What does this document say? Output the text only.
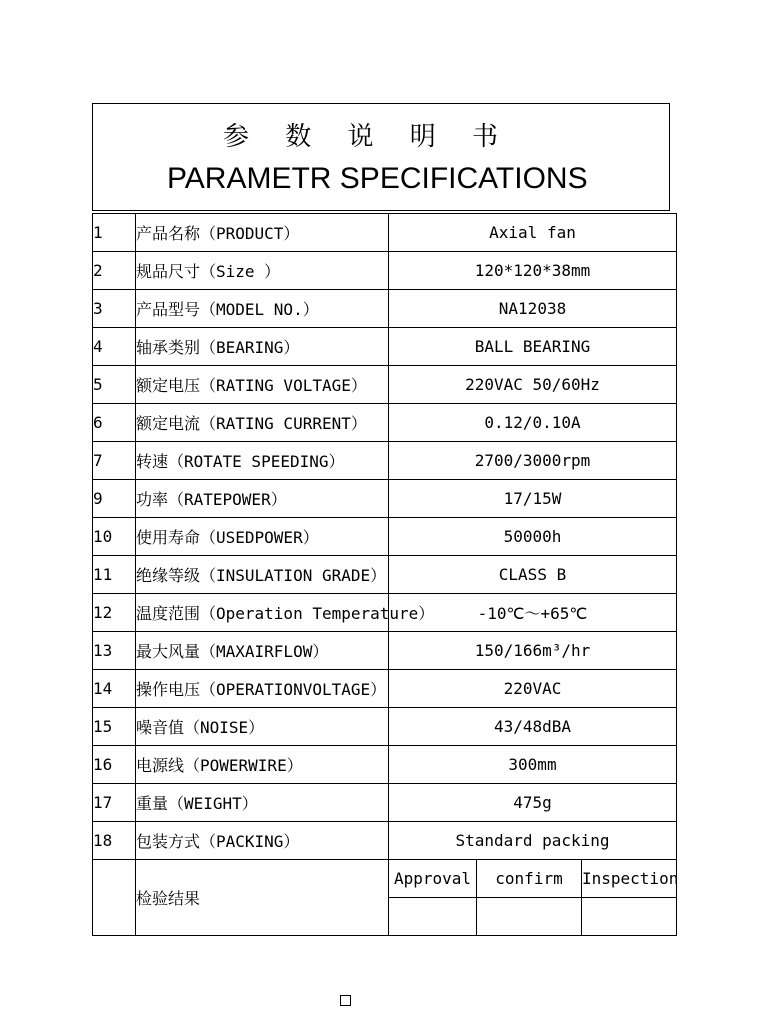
参 数 说 明 书
PARAMETR SPECIFICATIONS
1	产品名称（PRODUCT）	Axial fan		
2	规品尺寸（Size ）	120*120*38mm		
3	产品型号（MODEL NO.）	NA12038		
4	轴承类别（BEARING）	BALL BEARING		
5	额定电压（RATING VOLTAGE）	220VAC 50/60Hz		
6	额定电流（RATING CURRENT）	0.12/0.10A		
7	转速（ROTATE SPEEDING）	2700/3000rpm		
9	功率（RATEPOWER）	17/15W		
10	使用寿命（USEDPOWER）	50000h		
11	绝缘等级（INSULATION GRADE）	CLASS B		
12	温度范围（Operation Temperature）	-10℃～+65℃		
13	最大风量（MAXAIRFLOW）	150/166m³/hr		
14	操作电压（OPERATIONVOLTAGE）	220VAC		
15	噪音值（NOISE）	43/48dBA		
16	电源线（POWERWIRE）	300mm		
17	重量（WEIGHT）	475g		
18	包装方式（PACKING）	Standard packing		
	检验结果	Approval	confirm	Inspection
